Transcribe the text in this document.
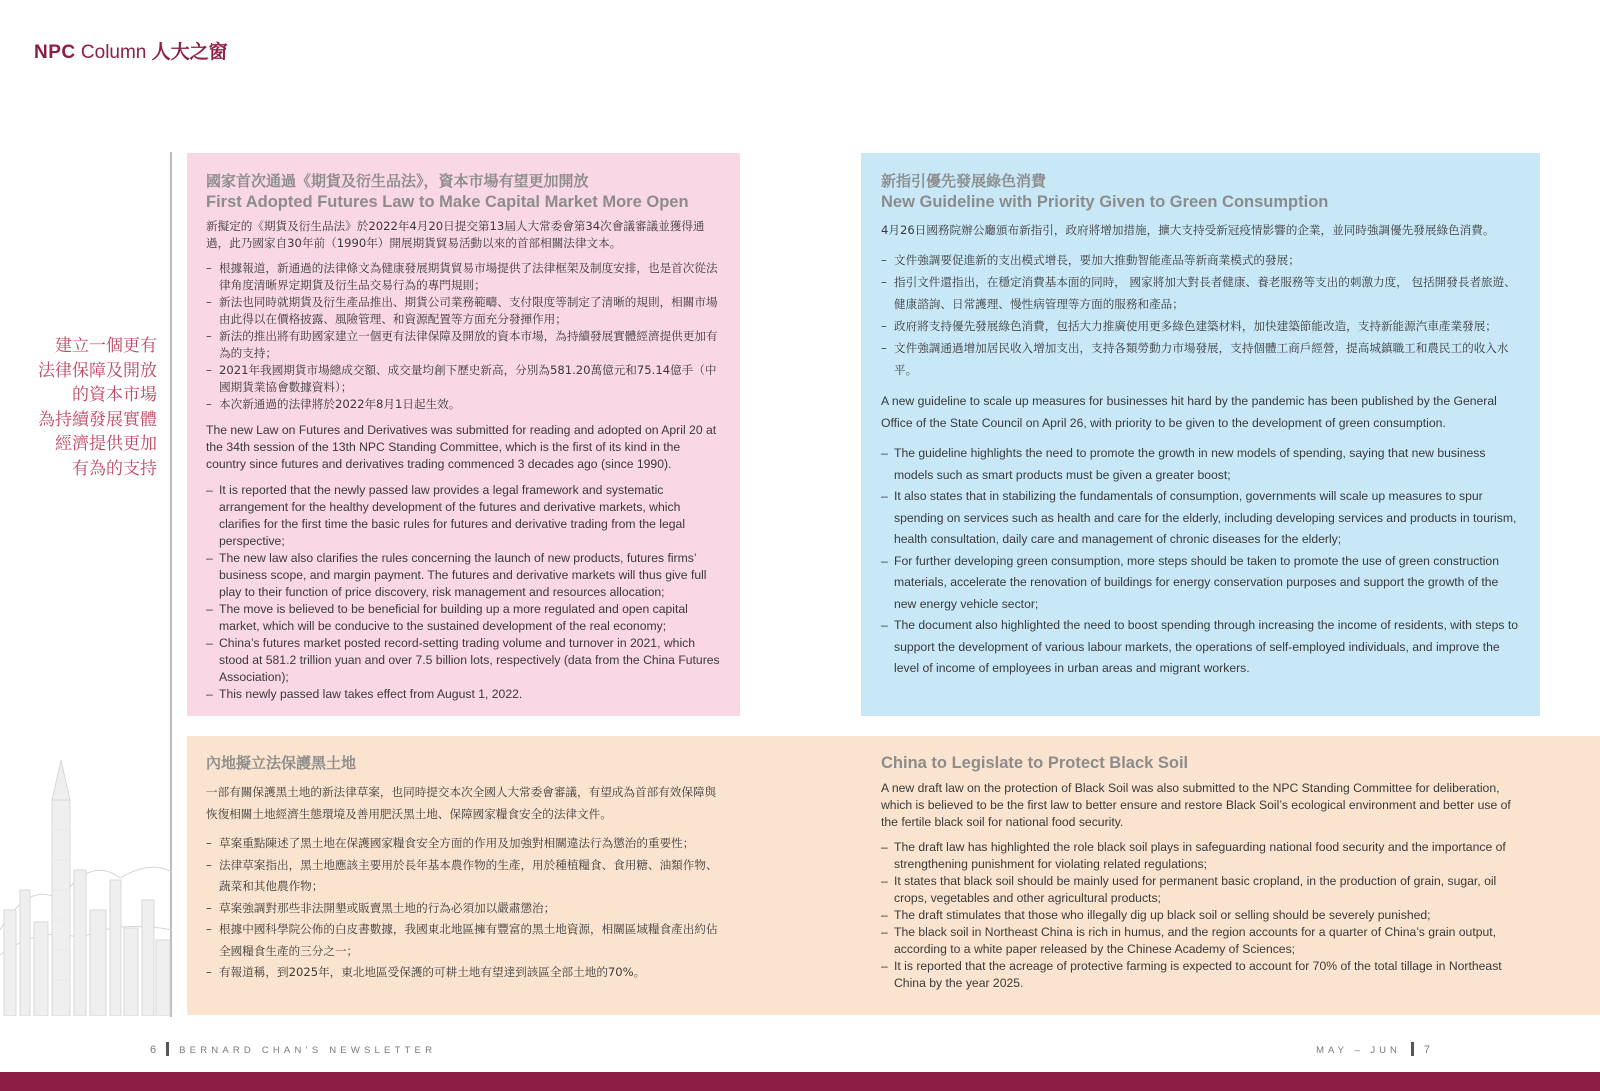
NPC Column 人大之窗
建立一個更有
法律保障及開放
的資本市場
為持續發展實體
經濟提供更加
有為的支持
國家首次通過《期貨及衍生品法》，資本市場有望更加開放
First Adopted Futures Law to Make Capital Market More Open

新擬定的《期貨及衍生品法》於2022年4月20日提交第13屆人大常委會第34次會議審議並獲得通過，此乃國家自30年前（1990年）開展期貨貿易活動以來的首部相關法律文本。

– 根據報道，新通過的法律條文為健康發展期貨貿易市場提供了法律框架及制度安排，也是首次從法律角度清晰界定期貨及衍生品交易行為的專門規則；
– 新法也同時就期貨及衍生產品推出、期貨公司業務範疇、支付限度等制定了清晰的規則，相關市場由此得以在價格披露、風險管理、和資源配置等方面充分發揮作用；
– 新法的推出將有助國家建立一個更有法律保障及開放的資本市場，為持續發展實體經濟提供更加有為的支持；
– 2021年我國期貨市場總成交額、成交量均創下歷史新高，分別為581.20萬億元和75.14億手（中國期貨業協會數據資料）；
– 本次新通過的法律將於2022年8月1日起生效。

The new Law on Futures and Derivatives was submitted for reading and adopted on April 20 at the 34th session of the 13th NPC Standing Committee, which is the first of its kind in the country since futures and derivatives trading commenced 3 decades ago (since 1990).

– It is reported that the newly passed law provides a legal framework and systematic arrangement for the healthy development of the futures and derivative markets, which clarifies for the first time the basic rules for futures and derivative trading from the legal perspective;
– The new law also clarifies the rules concerning the launch of new products, futures firms’ business scope, and margin payment. The futures and derivative markets will thus give full play to their function of price discovery, risk management and resources allocation;
– The move is believed to be beneficial for building up a more regulated and open capital market, which will be conducive to the sustained development of the real economy;
– China’s futures market posted record-setting trading volume and turnover in 2021, which stood at 581.2 trillion yuan and over 7.5 billion lots, respectively (data from the China Futures Association);
– This newly passed law takes effect from August 1, 2022.
新指引優先發展綠色消費
New Guideline with Priority Given to Green Consumption

4月26日國務院辦公廳頒布新指引，政府將增加措施，擴大支持受新冠疫情影響的企業，並同時強調優先發展綠色消費。

– 文件強調要促進新的支出模式增長，要加大推動智能產品等新商業模式的發展；
– 指引文件還指出，在穩定消費基本面的同時， 國家將加大對長者健康、養老服務等支出的刺激力度， 包括開發長者旅遊、健康諮詢、日常護理、慢性病管理等方面的服務和產品；
– 政府將支持優先發展綠色消費，包括大力推廣使用更多綠色建築材料，加快建築節能改造，支持新能源汽車產業發展；
– 文件強調通過增加居民收入增加支出，支持各類勞動力市場發展，支持個體工商戶經營，提高城鎮職工和農民工的收入水平。

A new guideline to scale up measures for businesses hit hard by the pandemic has been published by the General Office of the State Council on April 26, with priority to be given to the development of green consumption.

– The guideline highlights the need to promote the growth in new models of spending, saying that new business models such as smart products must be given a greater boost;
– It also states that in stabilizing the fundamentals of consumption, governments will scale up measures to spur spending on services such as health and care for the elderly, including developing services and products in tourism, health consultation, daily care and management of chronic diseases for the elderly;
– For further developing green consumption, more steps should be taken to promote the use of green construction materials, accelerate the renovation of buildings for energy conservation purposes and support the growth of the new energy vehicle sector;
– The document also highlighted the need to boost spending through increasing the income of residents, with steps to support the development of various labour markets, the operations of self-employed individuals, and improve the level of income of employees in urban areas and migrant workers.
內地擬立法保護黑土地

一部有關保護黑土地的新法律草案，也同時提交本次全國人大常委會審議，有望成為首部有效保障與恢復相關土地經濟生態環境及善用肥沃黑土地、保障國家糧食安全的法律文件。

– 草案重點陳述了黑土地在保護國家糧食安全方面的作用及加強對相關違法行為懲治的重要性；
– 法律草案指出，黑土地應該主要用於長年基本農作物的生產，用於種植糧食、食用糖、油類作物、蔬菜和其他農作物；
– 草案強調對那些非法開墾或販賣黑土地的行為必須加以嚴肅懲治；
– 根據中國科學院公佈的白皮書數據，我國東北地區擁有豐富的黑土地資源，相關區域糧食產出約佔全國糧食生產的三分之一；
– 有報道稱，到2025年，東北地區受保護的可耕土地有望達到該區全部土地的70%。
China to Legislate to Protect Black Soil

A new draft law on the protection of Black Soil was also submitted to the NPC Standing Committee for deliberation, which is believed to be the first law to better ensure and restore Black Soil’s ecological environment and better use of the fertile black soil for national food security.

– The draft law has highlighted the role black soil plays in safeguarding national food security and the importance of strengthening punishment for violating related regulations;
– It states that black soil should be mainly used for permanent basic cropland, in the production of grain, sugar, oil crops, vegetables and other agricultural products;
– The draft stimulates that those who illegally dig up black soil or selling should be severely punished;
– The black soil in Northeast China is rich in humus, and the region accounts for a quarter of China’s grain output, according to a white paper released by the Chinese Academy of Sciences;
– It is reported that the acreage of protective farming is expected to account for 70% of the total tillage in Northeast China by the year 2025.
6 BERNARD CHAN’S NEWSLETTER	MAY – JUN 7
